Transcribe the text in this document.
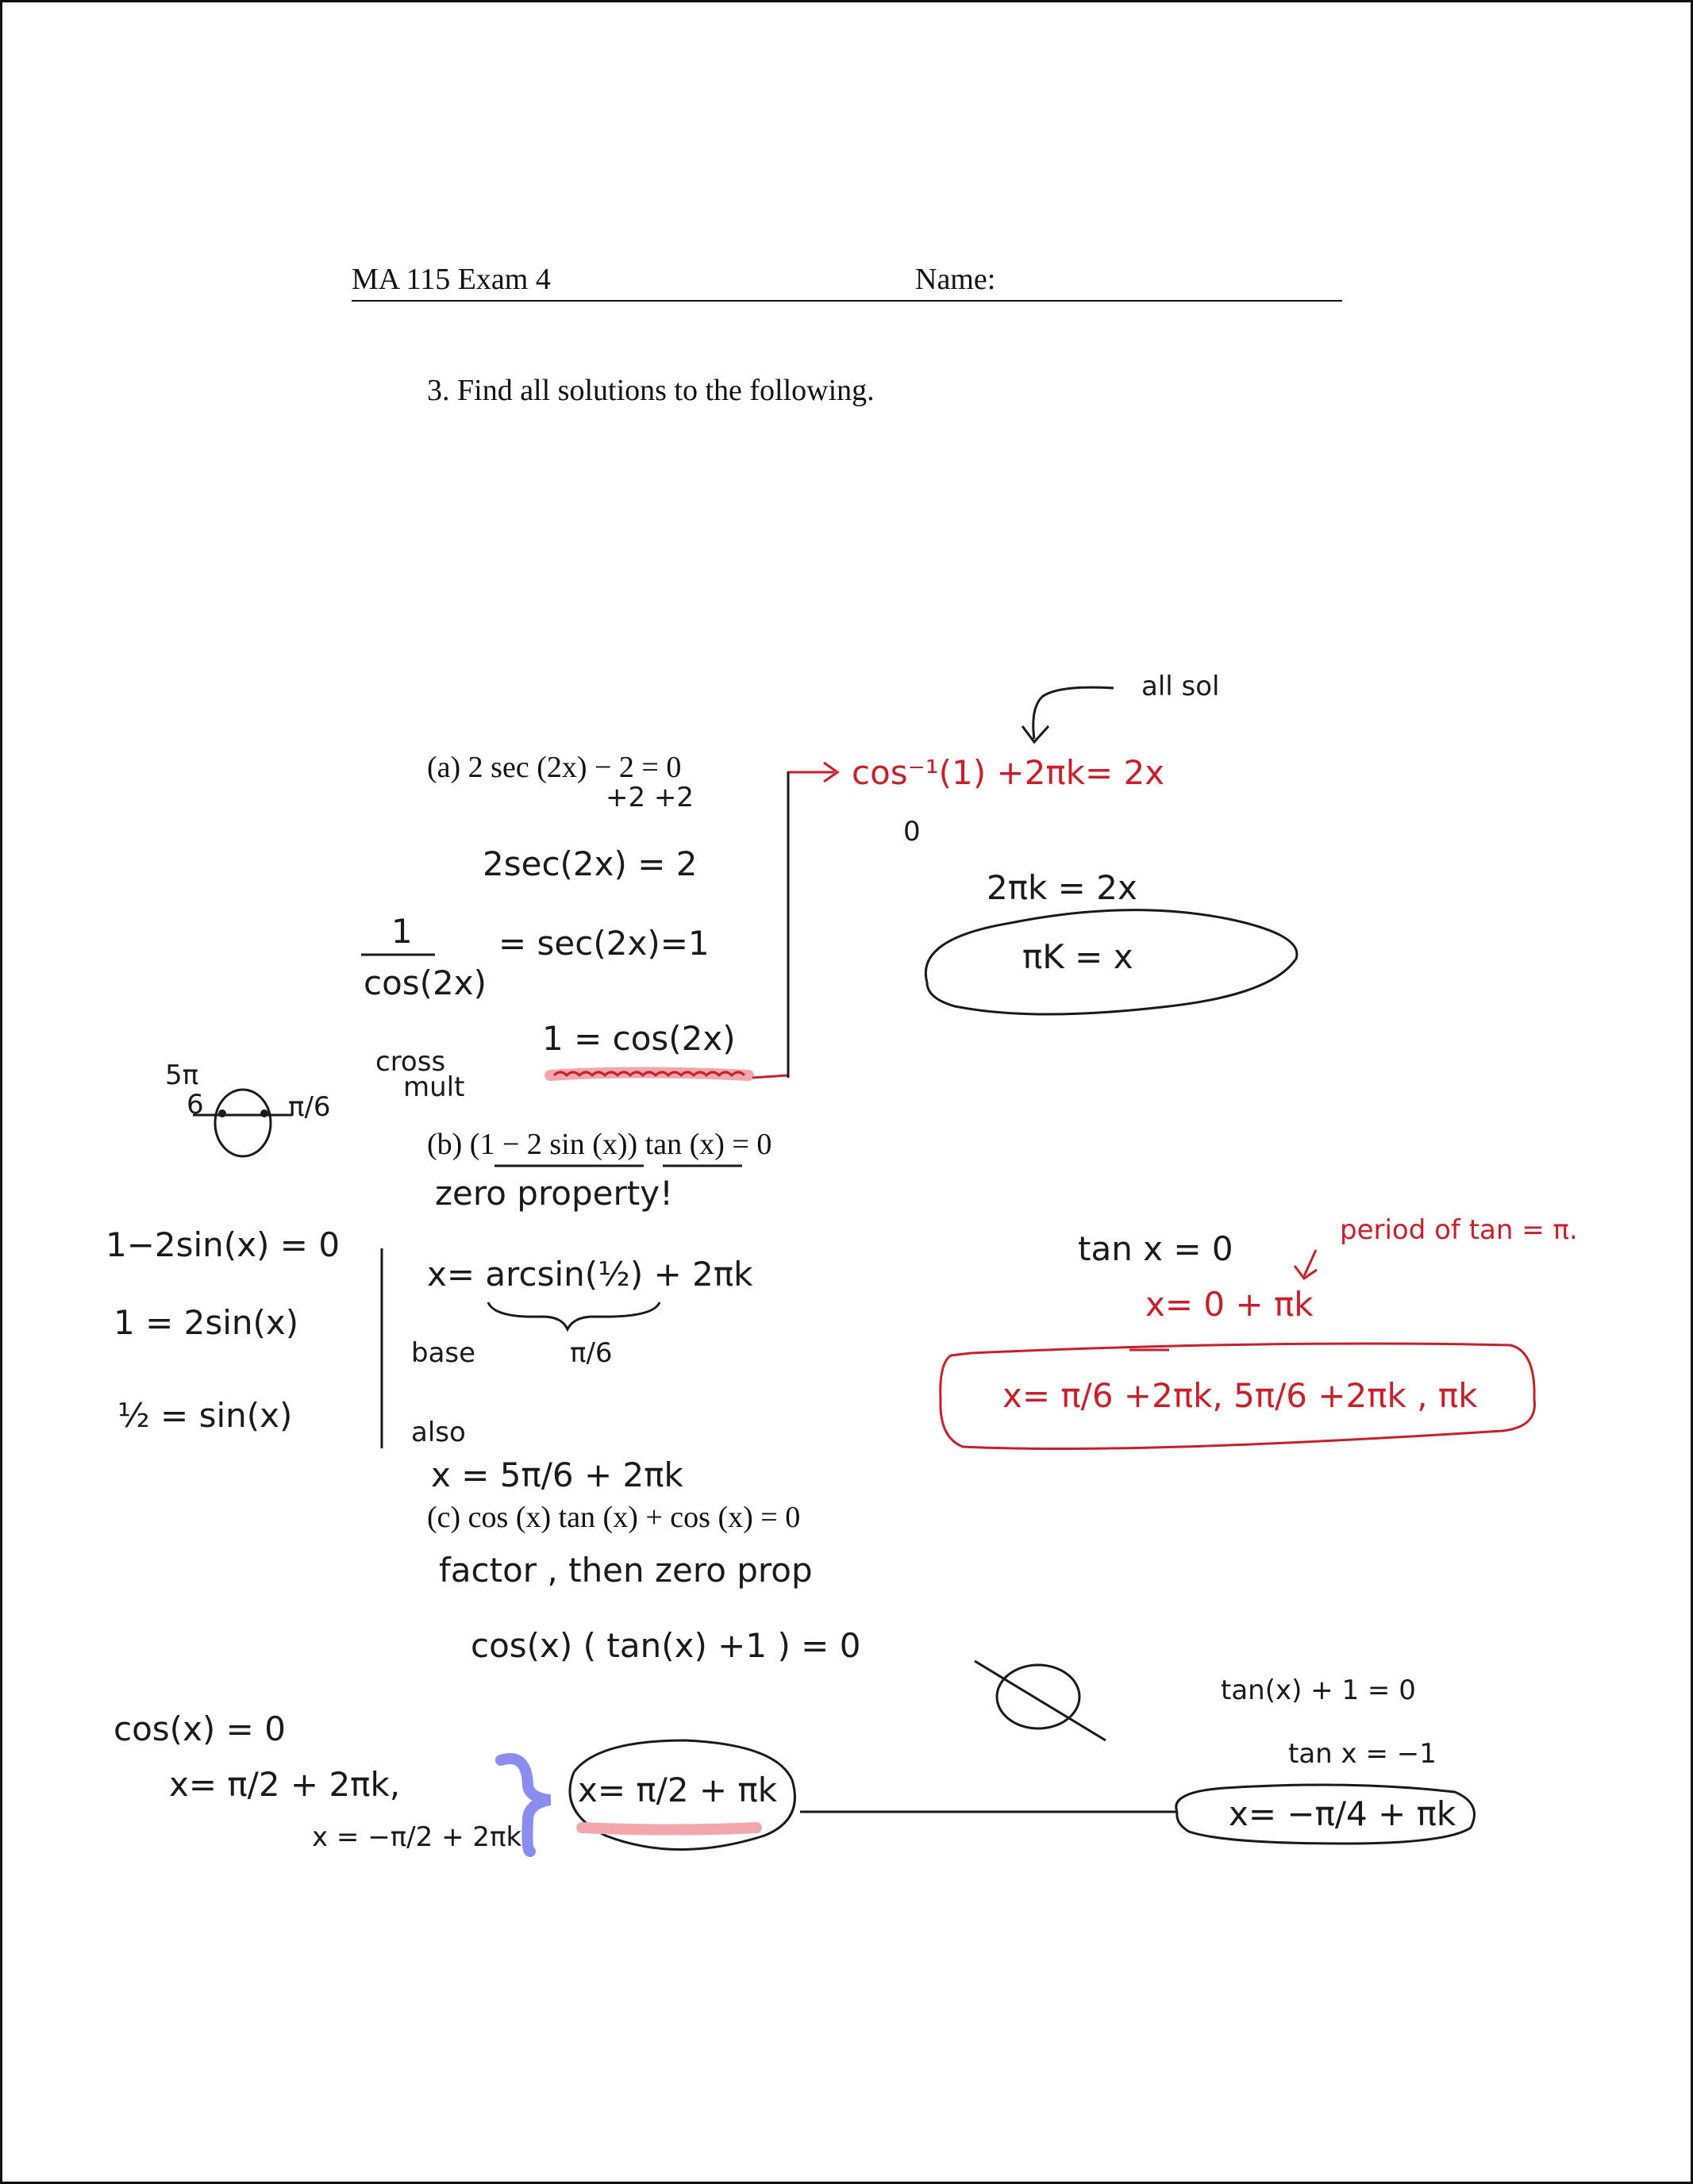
MA 115 Exam 4	Name:
3. Find all solutions to the following.
(a) 2 sec (2x) − 2 = 0
(b) (1 − 2 sin (x)) tan (x) = 0
(c) cos (x) tan (x) + cos (x) = 0
+2 +2
2sec(2x) = 2
1
cos(2x)
= sec(2x)=1
1 = cos(2x)
cross
mult
cos⁻¹(1) +2πk= 2x
0
all sol
2πk = 2x
πK = x
zero property!
5π
6	π/6
1−2sin(x) = 0
1 = 2sin(x)
½ = sin(x)
x= arcsin(½) + 2πk
base	π/6
also
x = 5π/6 + 2πk
tan x = 0	period of tan = π.
x= 0 + πk
x= π/6 +2πk, 5π/6 +2πk , πk
factor , then zero prop
cos(x) ( tan(x) +1 ) = 0
cos(x) = 0
x= π/2 + 2πk,
x = −π/2 + 2πk
x= π/2 + πk
tan(x) + 1 = 0
tan x = −1
x= −π/4 + πk
